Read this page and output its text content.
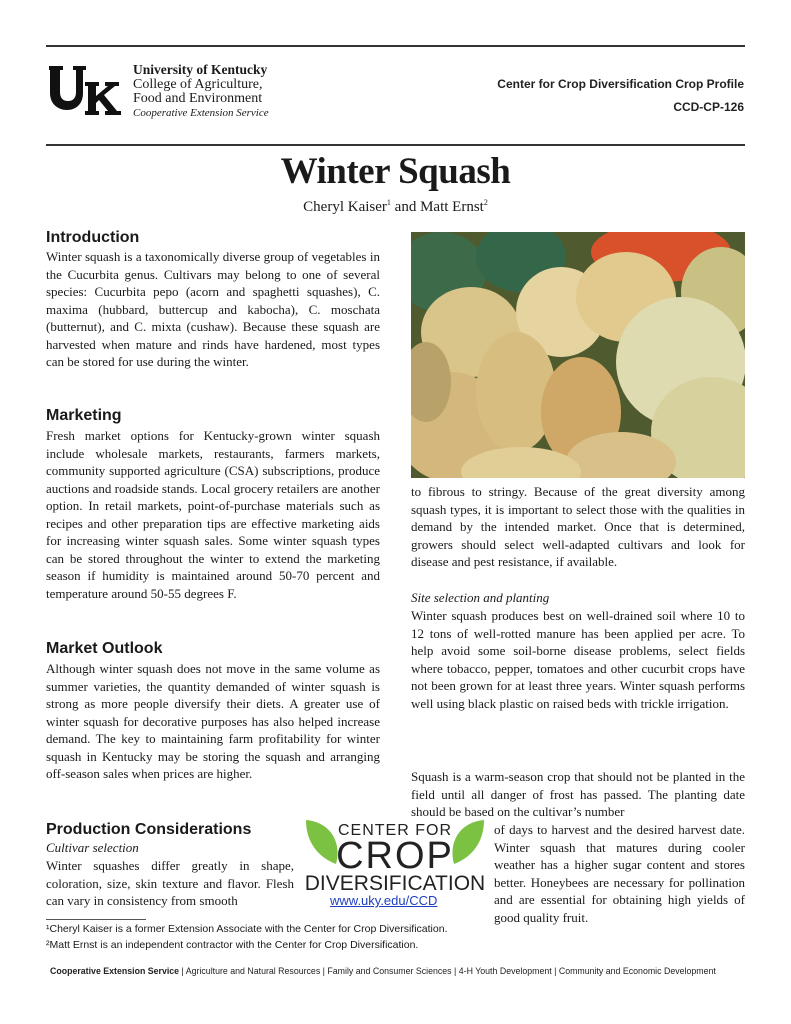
University of Kentucky
College of Agriculture,
Food and Environment
Cooperative Extension Service
Center for Crop Diversification Crop Profile
CCD-CP-126
Winter Squash
Cheryl Kaiser$^1$ and Matt Ernst$^2$
Introduction

Winter squash is a taxonomically diverse group of vegetables in the Cucurbita genus. Cultivars may belong to one of several species: Cucurbita pepo (acorn and spaghetti squashes), C. maxima (hubbard, buttercup and kabocha), C. moschata (butternut), and C. mixta (cushaw). Because these squash are harvested when mature and rinds have hardened, most types can be stored for use during the winter.

Marketing

Fresh market options for Kentucky-grown winter squash include wholesale markets, restaurants, farmers markets, community supported agriculture (CSA) subscriptions, produce auctions and roadside stands. Local grocery retailers are another option. In retail markets, point-of-purchase materials such as recipes and other preparation tips are effective marketing aids for increasing winter squash sales. Some winter squash types can be stored throughout the winter to extend the marketing season if humidity is maintained around 50-70 percent and temperature around 50-55 degrees F.

Market Outlook

Although winter squash does not move in the same volume as summer varieties, the quantity demanded of winter squash is strong as more people diversify their diets. A greater use of winter squash for decorative purposes has also helped increase demand. The key to maintaining farm profitability for winter squash in Kentucky may be storing the squash and arranging off-season sales when prices are higher.

Production Considerations
Cultivar selection

Winter squashes differ greatly in shape, coloration, size, skin texture and flavor. Flesh can vary in consistency from smooth

to fibrous to stringy. Because of the great diversity among squash types, it is important to select those with the qualities in demand by the intended market. Once that is determined, growers should select well-adapted cultivars and look for disease and pest resistance, if available.

Site selection and planting

Winter squash produces best on well-drained soil where 10 to 12 tons of well-rotted manure has been applied per acre. To help avoid some soil-borne disease problems, select fields where tobacco, pepper, tomatoes and other cucurbit crops have not been grown for at least three years. Winter squash performs well using black plastic on raised beds with trickle irrigation.

Squash is a warm-season crop that should not be planted in the field until all danger of frost has passed. The planting date should be based on the cultivar’s number

of days to harvest and the desired harvest date. Winter squash that matures during cooler weather has a higher sugar content and stores better. Honeybees are necessary for pollination and are essential for obtaining high yields of good quality fruit.

CENTER FOR
CROP
DIVERSIFICATION
www.uky.edu/CCD
¹Cheryl Kaiser is a former Extension Associate with the Center for Crop Diversification.
²Matt Ernst is an independent contractor with the Center for Crop Diversification.
Cooperative Extension Service | Agriculture and Natural Resources | Family and Consumer Sciences | 4-H Youth Development | Community and Economic Development
